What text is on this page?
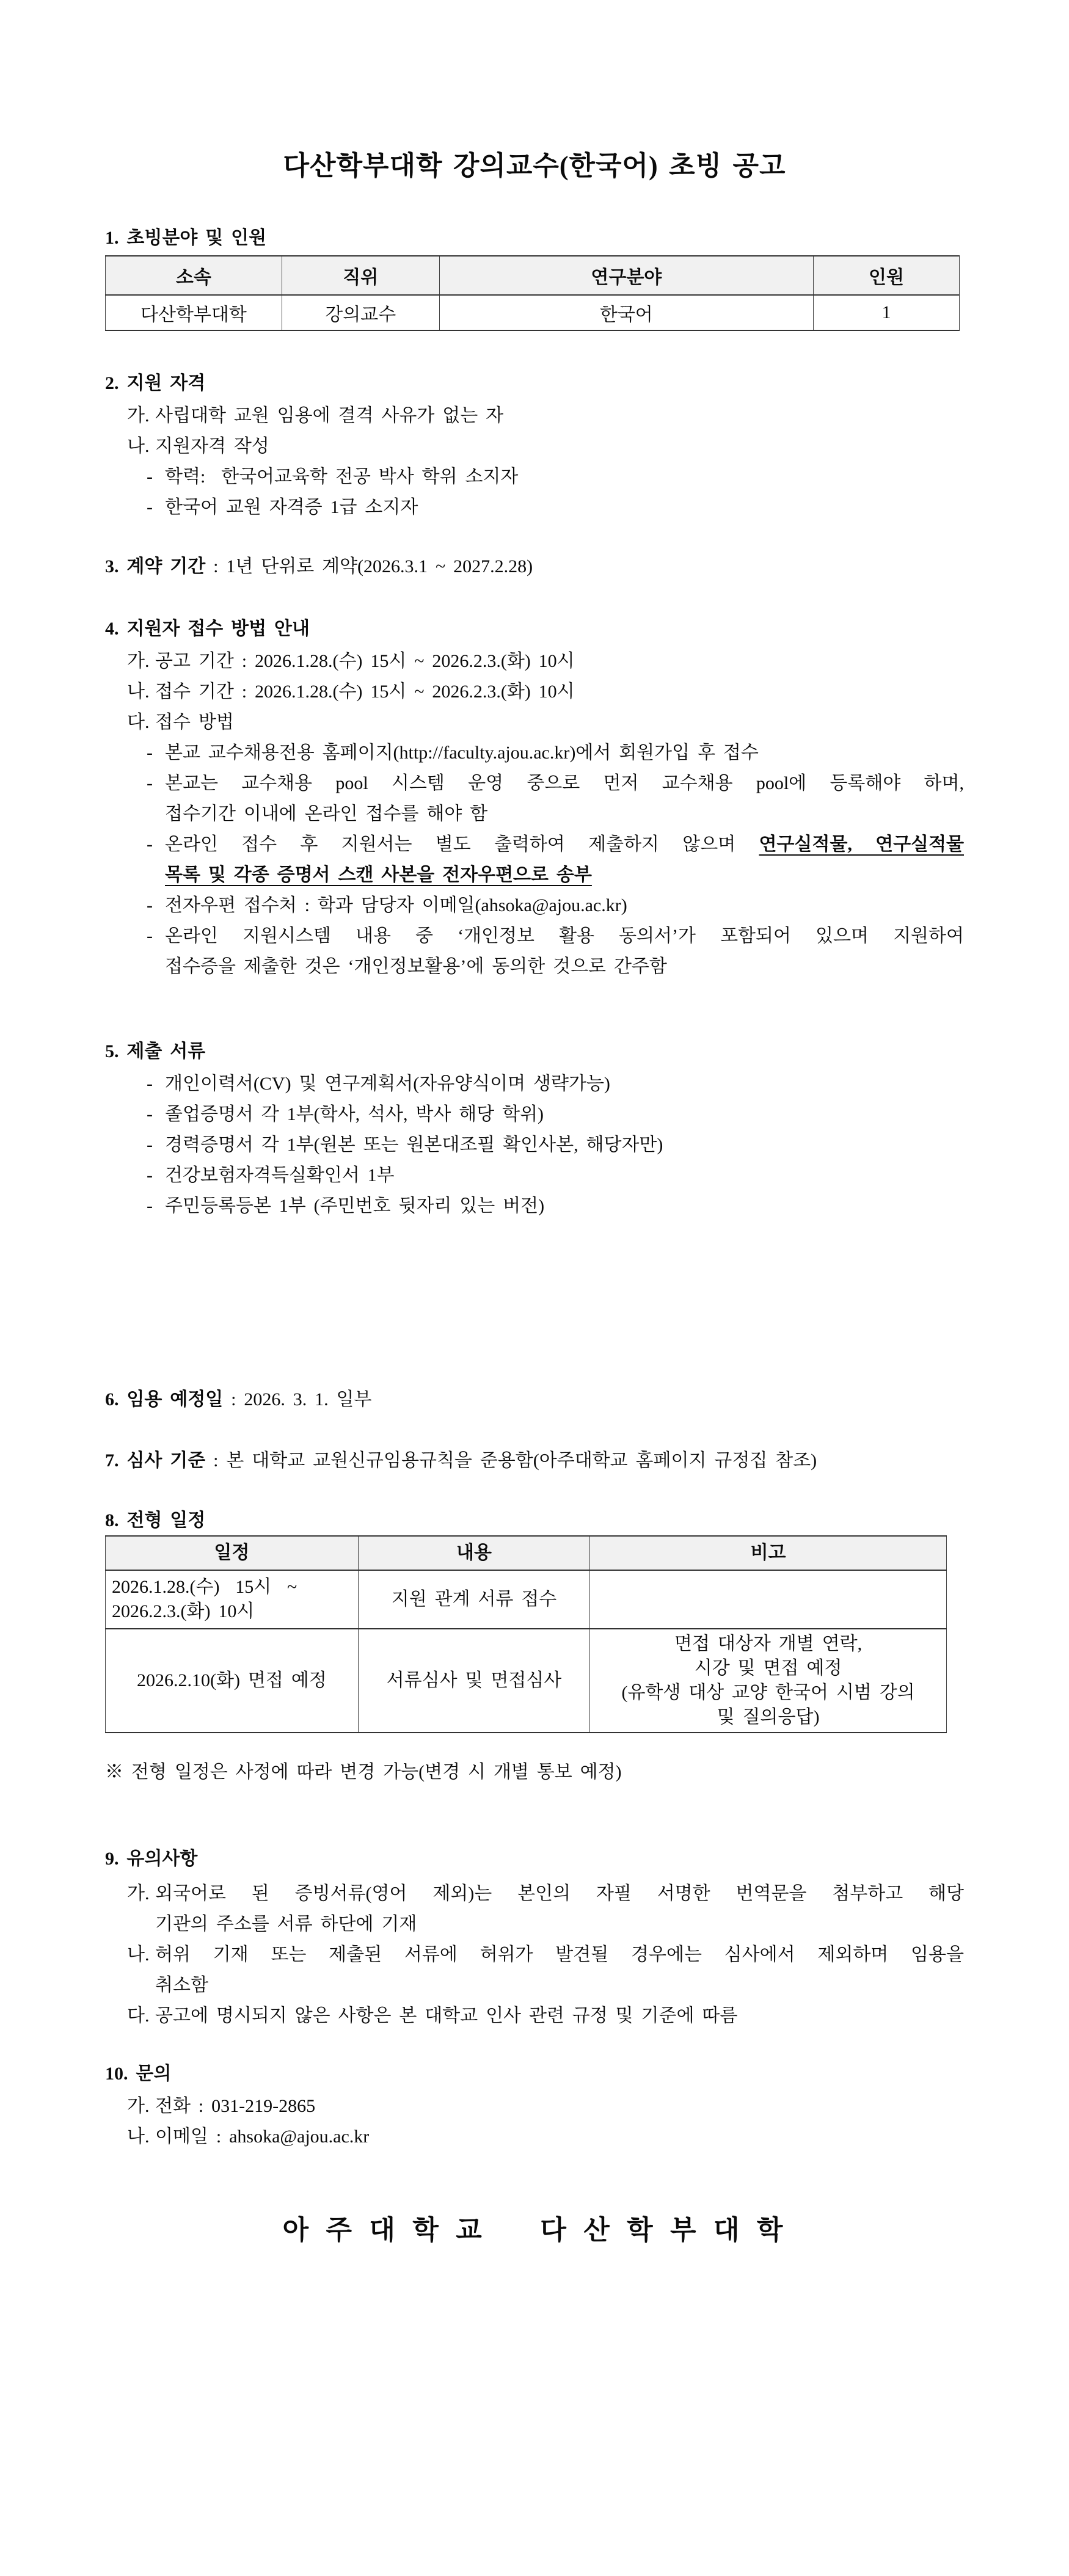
다산학부대학 강의교수(한국어) 초빙 공고
1. 초빙분야 및 인원
소속	직위	연구분야	인원
다산학부대학	강의교수	한국어	1
2. 지원 자격
가. 사립대학 교원 임용에 결격 사유가 없는 자
나. 지원자격 작성
- 학력:  한국어교육학 전공 박사 학위 소지자
- 한국어 교원 자격증 1급 소지자
3. 계약 기간 : 1년 단위로 계약(2026.3.1 ~ 2027.2.28)
4. 지원자 접수 방법 안내
가. 공고 기간 : 2026.1.28.(수) 15시 ~ 2026.2.3.(화) 10시
나. 접수 기간 : 2026.1.28.(수) 15시 ~ 2026.2.3.(화) 10시
다. 접수 방법
- 본교 교수채용전용 홈페이지(http://faculty.ajou.ac.kr)에서 회원가입 후 접수
- 본교는 교수채용 pool 시스템 운영 중으로 먼저 교수채용 pool에 등록해야 하며,
접수기간 이내에 온라인 접수를 해야 함
- 온라인 접수 후 지원서는 별도 출력하여 제출하지 않으며 연구실적물, 연구실적물
목록 및 각종 증명서 스캔 사본을 전자우편으로 송부
- 전자우편 접수처 : 학과 담당자 이메일(ahsoka@ajou.ac.kr)
- 온라인 지원시스템 내용 중 ‘개인정보 활용 동의서’가 포함되어 있으며 지원하여
접수증을 제출한 것은 ‘개인정보활용’에 동의한 것으로 간주함
5. 제출 서류
- 개인이력서(CV) 및 연구계획서(자유양식이며 생략가능)
- 졸업증명서 각 1부(학사, 석사, 박사 해당 학위)
- 경력증명서 각 1부(원본 또는 원본대조필 확인사본, 해당자만)
- 건강보험자격득실확인서 1부
- 주민등록등본 1부 (주민번호 뒷자리 있는 버전)
6. 임용 예정일 : 2026. 3. 1. 일부
7. 심사 기준 : 본 대학교 교원신규임용규칙을 준용함(아주대학교 홈페이지 규정집 참조)
8. 전형 일정
일정	내용	비고

2026.1.28.(수)  15시  ~
2026.2.3.(화) 10시	지원 관계 서류 접수	
2026.2.10(화) 면접 예정	서류심사 및 면접심사	면접 대상자 개별 연락,
시강 및 면접 예정
(유학생 대상 교양 한국어 시범 강의
및 질의응답)
※ 전형 일정은 사정에 따라 변경 가능(변경 시 개별 통보 예정)
9. 유의사항
가. 외국어로 된 증빙서류(영어 제외)는 본인의 자필 서명한 번역문을 첨부하고 해당
기관의 주소를 서류 하단에 기재
나. 허위 기재 또는 제출된 서류에 허위가 발견될 경우에는 심사에서 제외하며 임용을
취소함
다. 공고에 명시되지 않은 사항은 본 대학교 인사 관련 규정 및 기준에 따름
10. 문의
가. 전화 : 031-219-2865
나. 이메일 : ahsoka@ajou.ac.kr
아 주 대 학 교    다 산 학 부 대 학
